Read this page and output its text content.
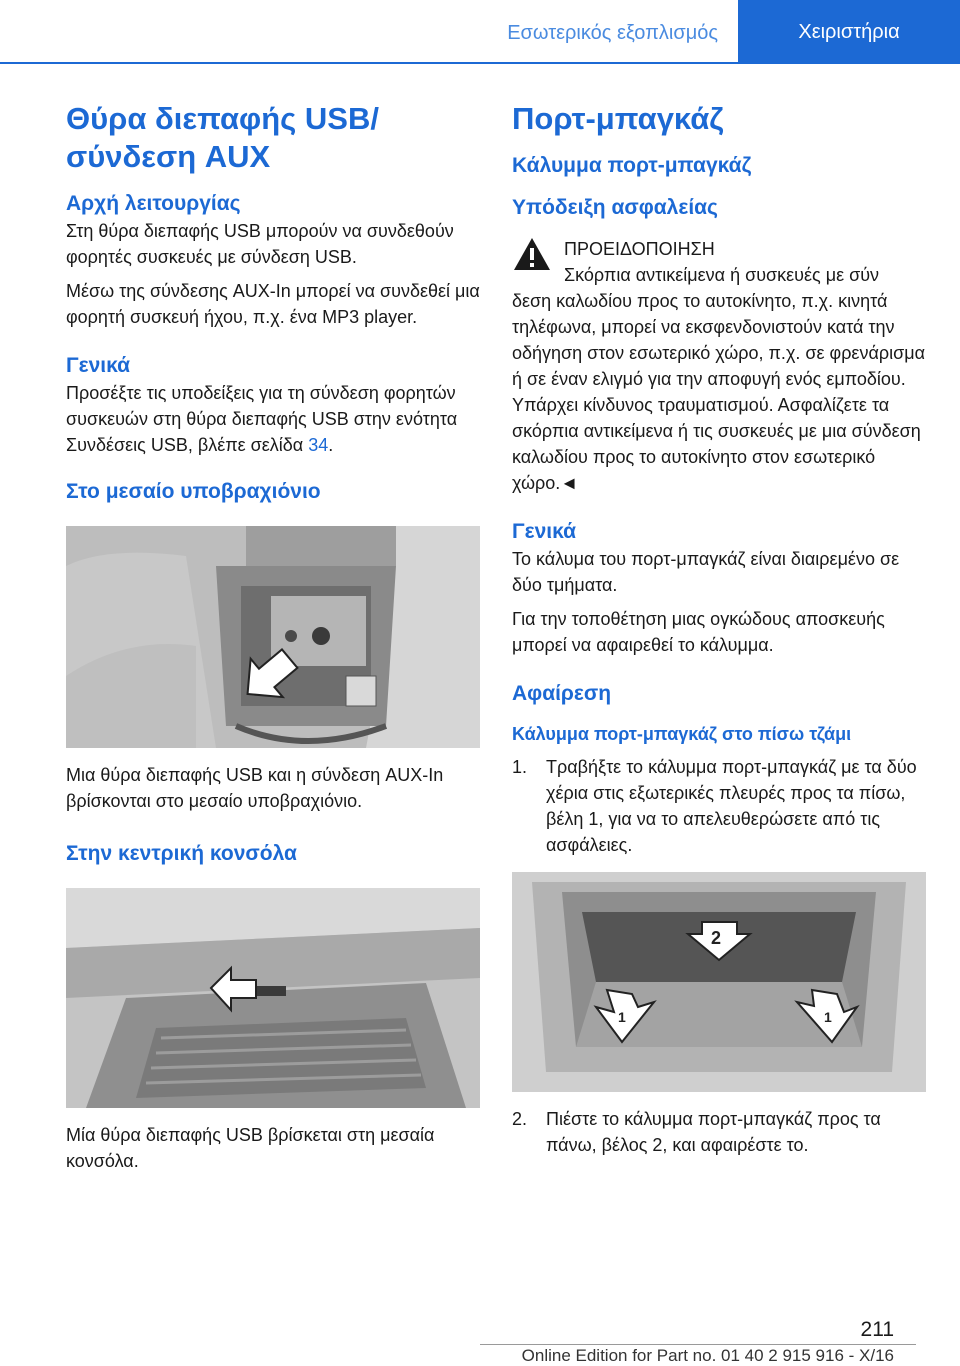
Εσωτερικός εξοπλισμός	Χειριστήρια
Θύρα διεπαφής USB/
σύνδεση AUX
Αρχή λειτουργίας

Στη θύρα διεπαφής USB μπορούν να συνδεθούν φορητές συσκευές με σύνδεση USB.

Μέσω της σύνδεσης AUX-In μπορεί να συνδεθεί μια φορητή συσκευή ήχου, π.χ. ένα MP3 player.

Γενικά

Προσέξτε τις υποδείξεις για τη σύνδεση φορητών συσκευών στη θύρα διεπαφής USB στην ενότητα Συνδέσεις USB, βλέπε σελίδα 34.

Στο μεσαίο υποβραχιόνιο

Μια θύρα διεπαφής USB και η σύνδεση AUX-In βρίσκονται στο μεσαίο υποβραχιόνιο.

Στην κεντρική κονσόλα

Μία θύρα διεπαφής USB βρίσκεται στη μεσαία κονσόλα.

Πορτ-μπαγκάζ
Κάλυμμα πορτ-μπαγκάζ
Υπόδειξη ασφαλείας
ΠΡΟΕΙΔΟΠΟΙΗΣΗ

Σκόρπια αντικείμενα ή συσκευές με σύν

δεση καλωδίου προς το αυτοκίνητο, π.χ. κινητά τηλέφωνα, μπορεί να εκσφενδονιστούν κατά την οδήγηση στον εσωτερικό χώρο, π.χ. σε φρενάρισμα ή σε έναν ελιγμό για την αποφυγή ενός εμποδίου. Υπάρχει κίνδυνος τραυματισμού. Ασφαλίζετε τα σκόρπια αντικείμενα ή τις συσκευές με μια σύνδεση καλωδίου προς το αυτοκίνητο στον εσωτερικό χώρο.◄

Γενικά

Το κάλυμα του πορτ-μπαγκάζ είναι διαιρεμένο σε δύο τμήματα.

Για την τοποθέτηση μιας ογκώδους αποσκευής μπορεί να αφαιρεθεί το κάλυμμα.

Αφαίρεση
Κάλυμμα πορτ-μπαγκάζ στο πίσω τζάμι
1.	Τραβήξτε το κάλυμμα πορτ-μπαγκάζ με τα δύο χέρια στις εξωτερικές πλευρές προς τα πίσω, βέλη 1, για να το απελευθερώσετε από τις ασφάλειες.
2
1	1
2.	Πιέστε το κάλυμμα πορτ-μπαγκάζ προς τα πάνω, βέλος 2, και αφαιρέστε το.
211
Online Edition for Part no. 01 40 2 915 916 - X/16
